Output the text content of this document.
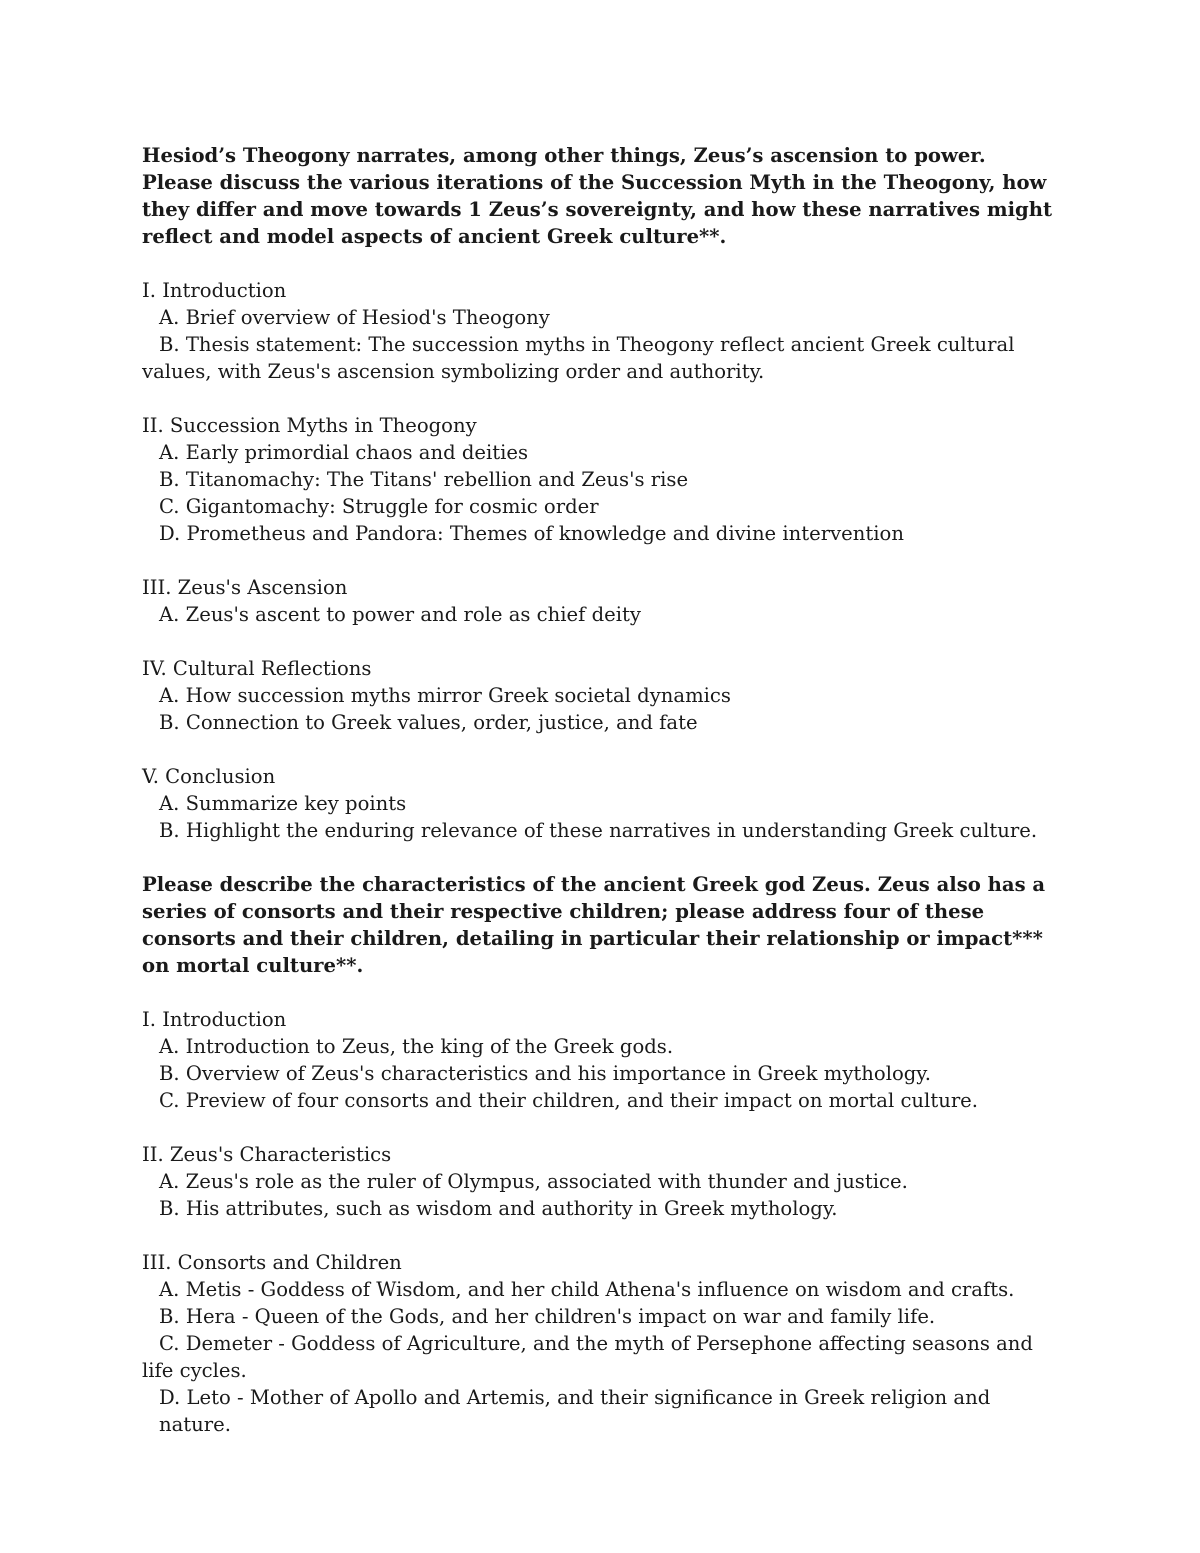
Hesiod’s Theogony narrates, among other things, Zeus’s ascension to power. Please discuss the various iterations of the Succession Myth in the Theogony, how they differ and move towards 1 Zeus’s sovereignty, and how these narratives might reflect and model aspects of ancient Greek culture**.

I. Introduction

A. Brief overview of Hesiod's Theogony

B. Thesis statement: The succession myths in Theogony reflect ancient Greek cultural values, with Zeus's ascension symbolizing order and authority.

II. Succession Myths in Theogony

A. Early primordial chaos and deities

B. Titanomachy: The Titans' rebellion and Zeus's rise

C. Gigantomachy: Struggle for cosmic order

D. Prometheus and Pandora: Themes of knowledge and divine intervention

III. Zeus's Ascension

A. Zeus's ascent to power and role as chief deity

IV. Cultural Reflections

A. How succession myths mirror Greek societal dynamics

B. Connection to Greek values, order, justice, and fate

V. Conclusion

A. Summarize key points

B. Highlight the enduring relevance of these narratives in understanding Greek culture.

Please describe the characteristics of the ancient Greek god Zeus. Zeus also has a series of consorts and their respective children; please address four of these consorts and their children, detailing in particular their relationship or impact*** on mortal culture**.

I. Introduction

A. Introduction to Zeus, the king of the Greek gods.

B. Overview of Zeus's characteristics and his importance in Greek mythology.

C. Preview of four consorts and their children, and their impact on mortal culture.

II. Zeus's Characteristics

A. Zeus's role as the ruler of Olympus, associated with thunder and justice.

B. His attributes, such as wisdom and authority in Greek mythology.

III. Consorts and Children

A. Metis - Goddess of Wisdom, and her child Athena's influence on wisdom and crafts.

B. Hera - Queen of the Gods, and her children's impact on war and family life.

C. Demeter - Goddess of Agriculture, and the myth of Persephone affecting seasons and life cycles.

D. Leto - Mother of Apollo and Artemis, and their significance in Greek religion and nature.
